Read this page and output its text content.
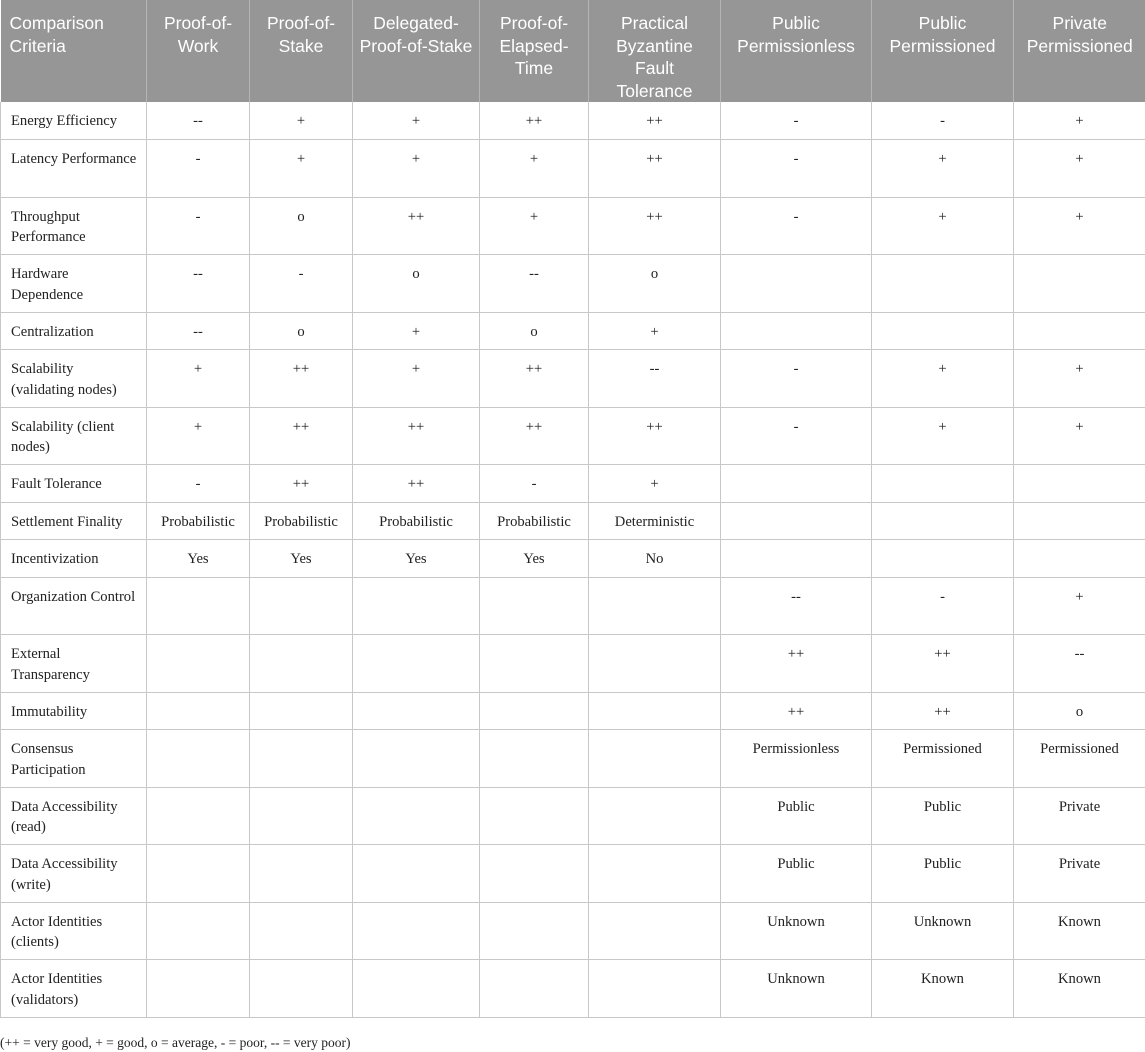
Comparison Criteria	Proof-of-Work	Proof-of-Stake	Delegated-Proof-of-Stake	Proof-of-Elapsed-Time	Practical Byzantine Fault Tolerance	Public Permissionless	Public Permissioned	Private Permissioned
Energy Efficiency	--	+	+	++	++	-	-	+
Latency Performance	-	+	+	+	++	-	+	+
Throughput Performance	-	o	++	+	++	-	+	+
Hardware Dependence	--	-	o	--	o			
Centralization	--	o	+	o	+			
Scalability (validating nodes)	+	++	+	++	--	-	+	+
Scalability (client nodes)	+	++	++	++	++	-	+	+
Fault Tolerance	-	++	++	-	+			
Settlement Finality	Probabilistic	Probabilistic	Probabilistic	Probabilistic	Deterministic			
Incentivization	Yes	Yes	Yes	Yes	No			
Organization Control						--	-	+
External Transparency						++	++	--
Immutability						++	++	o
Consensus Participation						Permissionless	Permissioned	Permissioned
Data Accessibility (read)						Public	Public	Private
Data Accessibility (write)						Public	Public	Private
Actor Identities (clients)						Unknown	Unknown	Known
Actor Identities (validators)						Unknown	Known	Known
(++ = very good, + = good, o = average, - = poor, -- = very poor)
